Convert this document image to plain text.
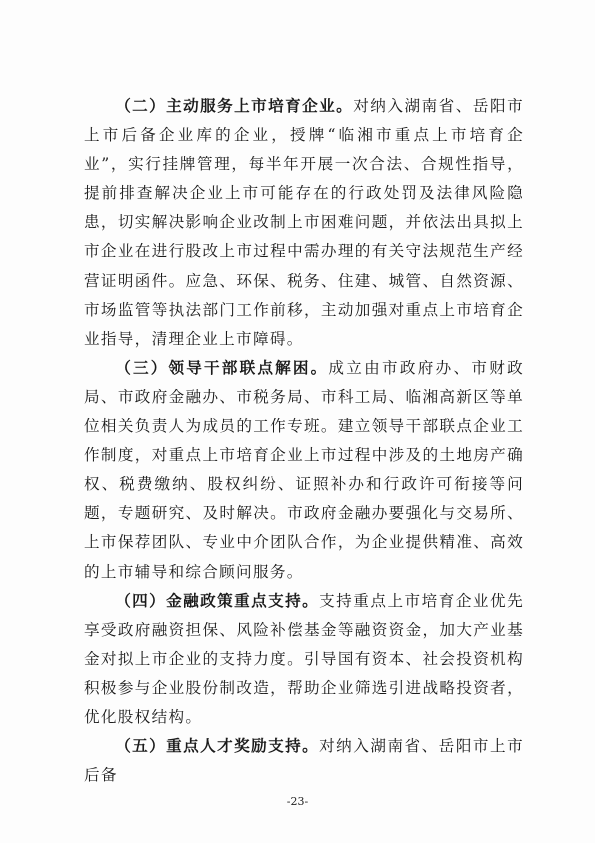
（二）主动服务上市培育企业。对纳入湖南省、岳阳市上市后备企业库的企业，授牌“临湘市重点上市培育企业”，实行挂牌管理，每半年开展一次合法、合规性指导，提前排查解决企业上市可能存在的行政处罚及法律风险隐患，切实解决影响企业改制上市困难问题，并依法出具拟上市企业在进行股改上市过程中需办理的有关守法规范生产经营证明函件。应急、环保、税务、住建、城管、自然资源、市场监管等执法部门工作前移，主动加强对重点上市培育企业指导，清理企业上市障碍。

（三）领导干部联点解困。成立由市政府办、市财政局、市政府金融办、市税务局、市科工局、临湘高新区等单位相关负责人为成员的工作专班。建立领导干部联点企业工作制度，对重点上市培育企业上市过程中涉及的土地房产确权、税费缴纳、股权纠纷、证照补办和行政许可衔接等问题，专题研究、及时解决。市政府金融办要强化与交易所、上市保荐团队、专业中介团队合作，为企业提供精准、高效的上市辅导和综合顾问服务。

（四）金融政策重点支持。支持重点上市培育企业优先享受政府融资担保、风险补偿基金等融资资金，加大产业基金对拟上市企业的支持力度。引导国有资本、社会投资机构积极参与企业股份制改造，帮助企业筛选引进战略投资者，优化股权结构。

（五）重点人才奖励支持。对纳入湖南省、岳阳市上市后备

-23-
